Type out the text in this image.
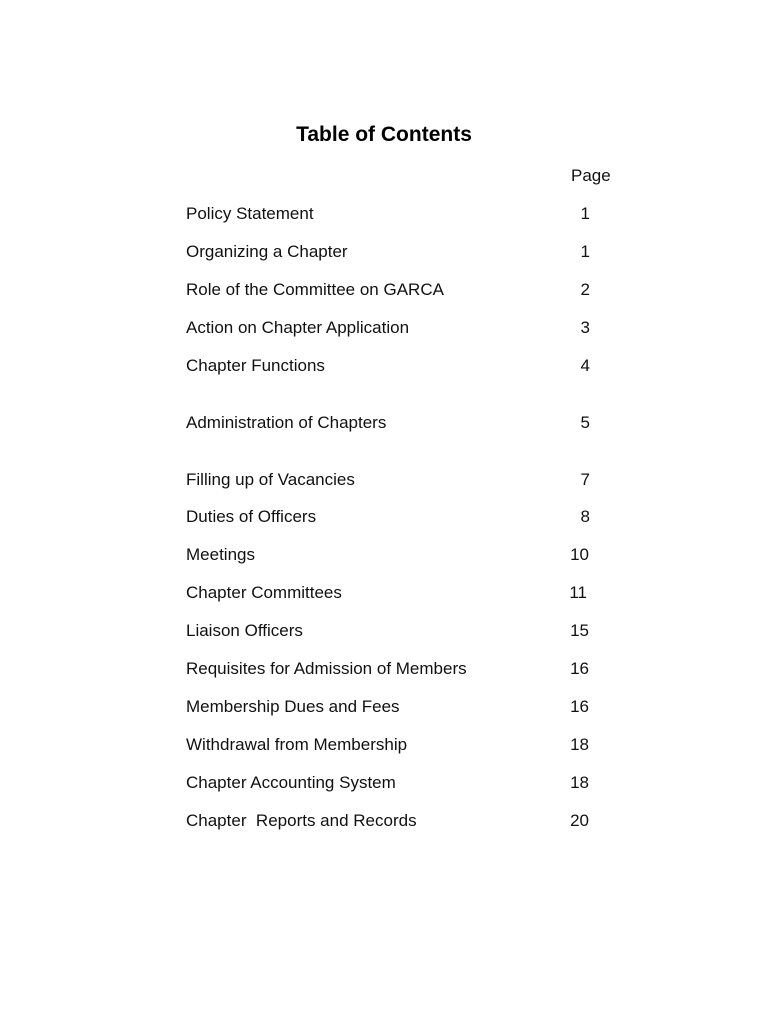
Table of Contents
Page
Policy Statement	1
Organizing a Chapter	1
Role of the Committee on GARCA	2
Action on Chapter Application	3
Chapter Functions	4
Administration of Chapters	5
Filling up of Vacancies	7
Duties of Officers	8
Meetings	10
Chapter Committees	11
Liaison Officers	15
Requisites for Admission of Members	16
Membership Dues and Fees	16
Withdrawal from Membership	18
Chapter Accounting System	18
Chapter  Reports and Records	20
